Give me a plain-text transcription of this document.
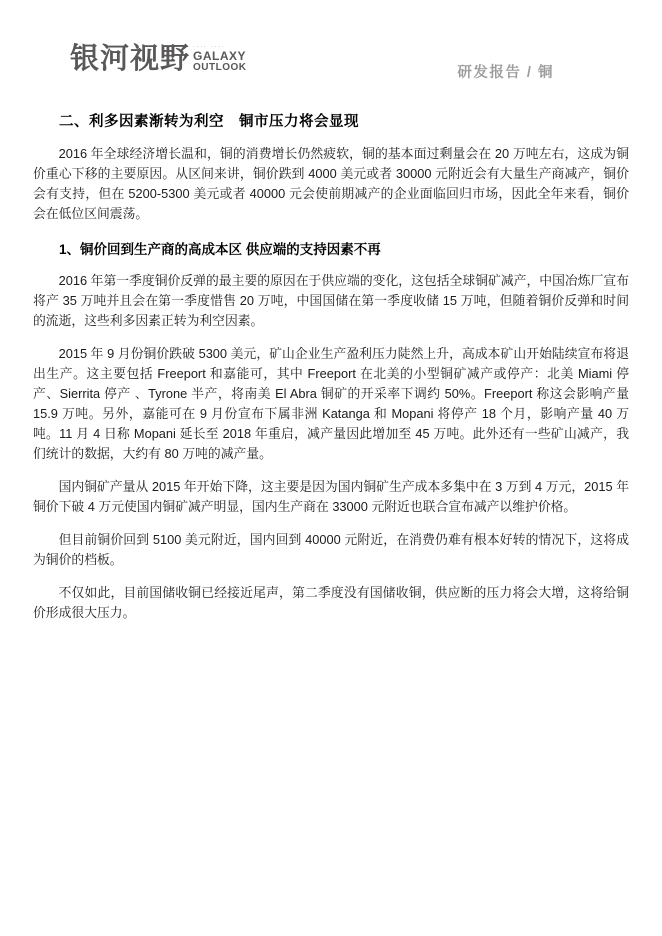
银河视野 ···· ····
GALAXY
OUTLOOK	研发报告 / 铜
二、利多因素渐转为利空　铜市压力将会显现

2016 年全球经济增长温和，铜的消费增长仍然疲软，铜的基本面过剩量会在 20 万吨左右，这成为铜价重心下移的主要原因。从区间来讲，铜价跌到 4000 美元或者 30000 元附近会有大量生产商减产，铜价会有支持，但在 5200-5300 美元或者 40000 元会使前期减产的企业面临回归市场，因此全年来看，铜价会在低位区间震荡。

1、铜价回到生产商的高成本区 供应端的支持因素不再

2016 年第一季度铜价反弹的最主要的原因在于供应端的变化，这包括全球铜矿减产，中国冶炼厂宣布将产 35 万吨并且会在第一季度惜售 20 万吨，中国国储在第一季度收储 15 万吨，但随着铜价反弹和时间的流逝，这些利多因素正转为利空因素。

2015 年 9 月份铜价跌破 5300 美元，矿山企业生产盈利压力陡然上升，高成本矿山开始陆续宣布将退出生产。这主要包括 Freeport 和嘉能可，其中 Freeport 在北美的小型铜矿减产或停产：北美 Miami 停产、Sierrita 停产 、Tyrone 半产，将南美 El Abra 铜矿的开采率下调约 50%。Freeport 称这会影响产量 15.9 万吨。另外，嘉能可在 9 月份宣布下属非洲 Katanga 和 Mopani 将停产 18 个月，影响产量 40 万吨。11 月 4 日称 Mopani 延长至 2018 年重启，减产量因此增加至 45 万吨。此外还有一些矿山减产，我们统计的数据，大约有 80 万吨的减产量。

国内铜矿产量从 2015 年开始下降，这主要是因为国内铜矿生产成本多集中在 3 万到 4 万元，2015 年铜价下破 4 万元使国内铜矿减产明显，国内生产商在 33000 元附近也联合宣布减产以维护价格。

但目前铜价回到 5100 美元附近，国内回到 40000 元附近，在消费仍难有根本好转的情况下，这将成为铜价的档板。

不仅如此，目前国储收铜已经接近尾声，第二季度没有国储收铜，供应断的压力将会大增，这将给铜价形成很大压力。
